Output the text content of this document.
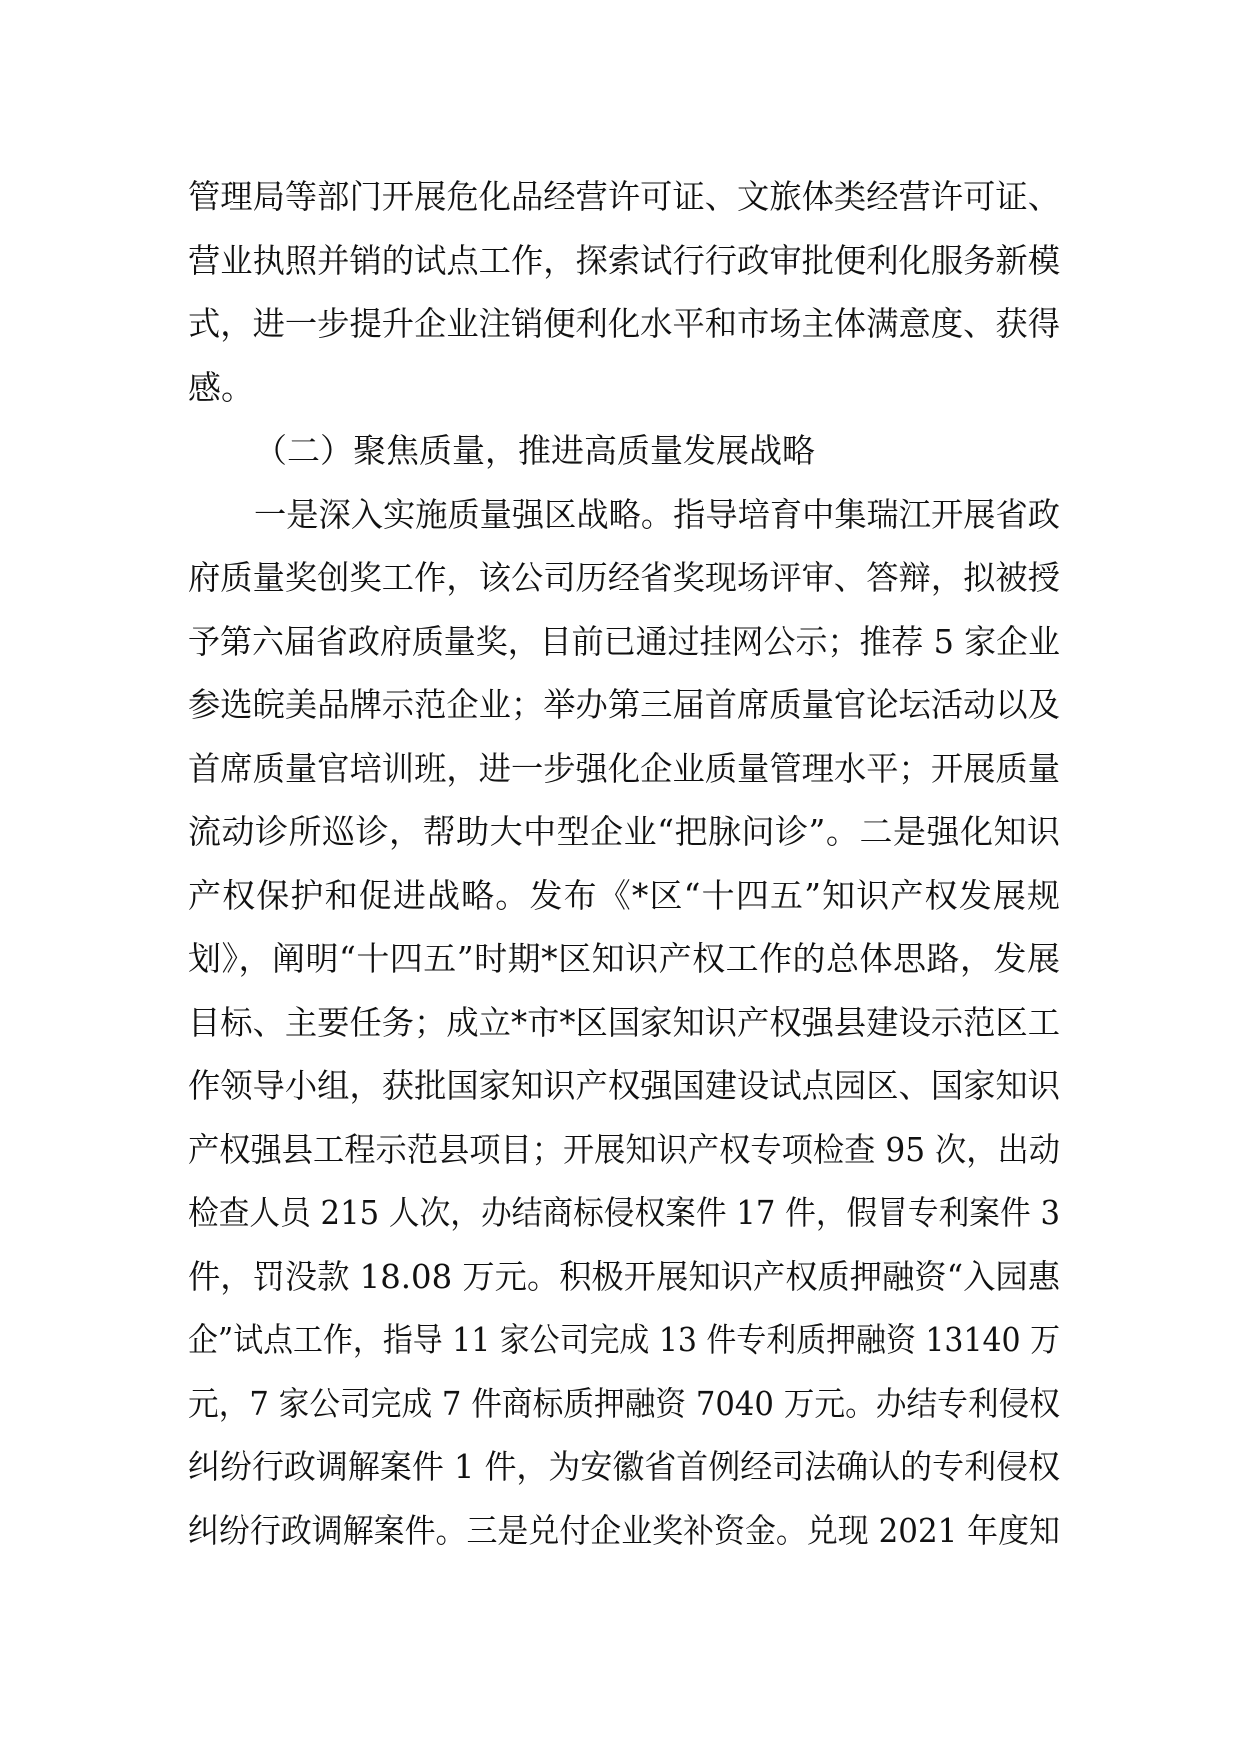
管理局等部门开展危化品经营许可证、文旅体类经营许可证、
营业执照并销的试点工作，探索试行行政审批便利化服务新模
式，进一步提升企业注销便利化水平和市场主体满意度、获得
感。
（二）聚焦质量，推进高质量发展战略
一是深入实施质量强区战略。指导培育中集瑞江开展省政
府质量奖创奖工作，该公司历经省奖现场评审、答辩，拟被授
予第六届省政府质量奖，目前已通过挂网公示；推荐 5 家企业
参选皖美品牌示范企业；举办第三届首席质量官论坛活动以及
首席质量官培训班，进一步强化企业质量管理水平；开展质量
流动诊所巡诊，帮助大中型企业“把脉问诊”。二是强化知识
产权保护和促进战略。发布《*区“十四五”知识产权发展规
划》，阐明“十四五”时期*区知识产权工作的总体思路，发展
目标、主要任务；成立*市*区国家知识产权强县建设示范区工
作领导小组，获批国家知识产权强国建设试点园区、国家知识
产权强县工程示范县项目；开展知识产权专项检查 95 次，出动
检查人员 215 人次，办结商标侵权案件 17 件，假冒专利案件 3
件，罚没款 18.08 万元。积极开展知识产权质押融资“入园惠
企”试点工作，指导 11 家公司完成 13 件专利质押融资 13140 万
元，7 家公司完成 7 件商标质押融资 7040 万元。办结专利侵权
纠纷行政调解案件 1 件，为安徽省首例经司法确认的专利侵权
纠纷行政调解案件。三是兑付企业奖补资金。兑现 2021 年度知
